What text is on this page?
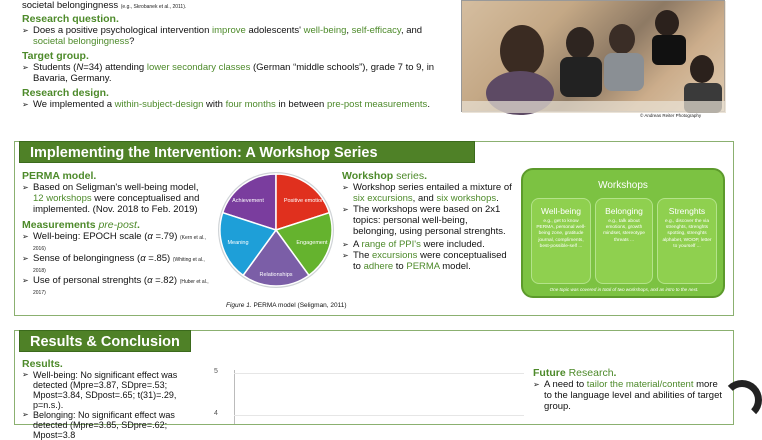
societal belongingness (e.g., Skrobanek et al., 2011).
Research question.
➢ Does a positive psychological intervention improve adolescents' well-being, self-efficacy, and societal belongingness?
Target group.
➢ Students (N=34) attending lower secondary classes (German “middle schools”), grade 7 to 9, in Bavaria, Germany.
Research design.
➢ We implemented a within-subject-design with four months in between pre-post measurements.
© Andreas Reiter Photography
Implementing the Intervention: A Workshop Series
PERMA model.
➢ Based on Seligman's well-being model, 12 workshops were conceptualised and implemented. (Nov. 2018 to Feb. 2019)
Measurements pre-post.
➢ Well-being: EPOCH scale (α =.79) (Kern et al., 2016)
➢ Sense of belongingness (α =.85) (Whiting et al., 2018)
➢ Use of personal strenghts (α =.82) (Huber et al., 2017)
Achievement	Positive emotion
Engagement
Relationships
Meaning
Figure 1. PERMA model (Seligman, 2011)
Workshop series.
➢ Workshop series entailed a mixture of six excursions, and six workshops.
➢ The workshops were based on 2x1 topics: personal well-being, belonging, using personal strenghts.
➢ A range of PPI's were included.
➢ The excursions were conceptualised to adhere to PERMA model.
Workshops
Well-being
e.g., get to know PERMA, personal well-being zone, gratitude journal, compliments, best-possible-self ...
Belonging
e.g., talk about emotions, growth mindset, stereotype threats ...
Strenghts
e.g., discover the via strenghts, strenghts spotting, strenghts alphabet, WOOP, letter to yourself ...
One topic was covered in total of two workshops, and as intro to the next.
Results & Conclusion
Results.
➢ Well-being: No significant effect was detected (Mpre=3.87, SDpre=.53; Mpost=3.84, SDpost=.65; t(31)=.29, p=n.s.).
➢ Belonging: No significant effect was detected (Mpre=3.85, SDpre=.62; Mpost=3.8
5
4
Future Research.
➢ A need to tailor the material/content more to the language level and abilities of target group.
